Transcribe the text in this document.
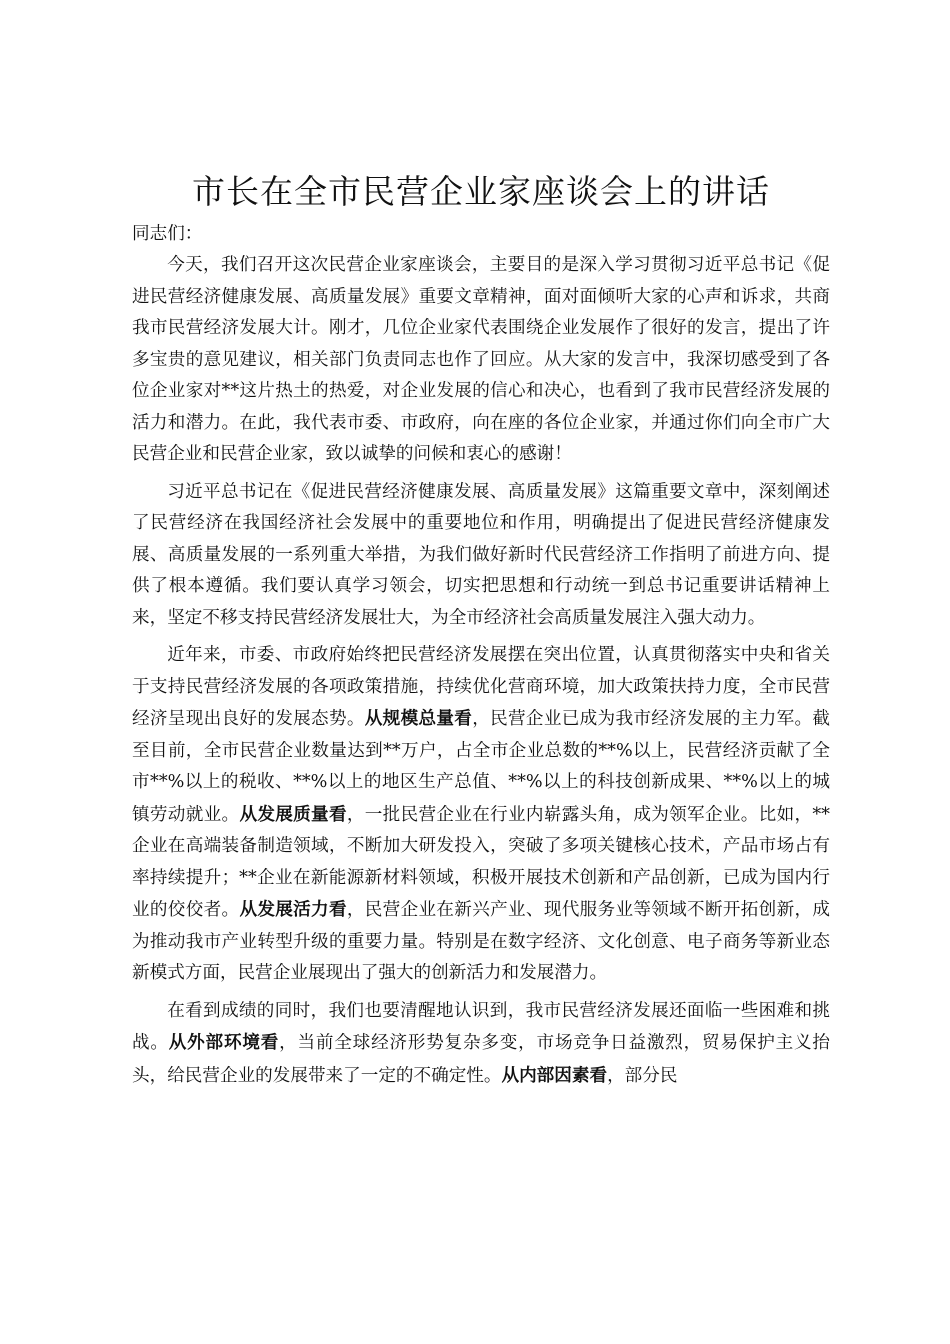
市长在全市民营企业家座谈会上的讲话

同志们：

今天，我们召开这次民营企业家座谈会，主要目的是深入学习贯彻习近平总书记《促进民营经济健康发展、高质量发展》重要文章精神，面对面倾听大家的心声和诉求，共商我市民营经济发展大计。刚才，几位企业家代表围绕企业发展作了很好的发言，提出了许多宝贵的意见建议，相关部门负责同志也作了回应。从大家的发言中，我深切感受到了各位企业家对**这片热土的热爱，对企业发展的信心和决心，也看到了我市民营经济发展的活力和潜力。在此，我代表市委、市政府，向在座的各位企业家，并通过你们向全市广大民营企业和民营企业家，致以诚挚的问候和衷心的感谢！

习近平总书记在《促进民营经济健康发展、高质量发展》这篇重要文章中，深刻阐述了民营经济在我国经济社会发展中的重要地位和作用，明确提出了促进民营经济健康发展、高质量发展的一系列重大举措，为我们做好新时代民营经济工作指明了前进方向、提供了根本遵循。我们要认真学习领会，切实把思想和行动统一到总书记重要讲话精神上来，坚定不移支持民营经济发展壮大，为全市经济社会高质量发展注入强大动力。

近年来，市委、市政府始终把民营经济发展摆在突出位置，认真贯彻落实中央和省关于支持民营经济发展的各项政策措施，持续优化营商环境，加大政策扶持力度，全市民营经济呈现出良好的发展态势。从规模总量看，民营企业已成为我市经济发展的主力军。截至目前，全市民营企业数量达到**万户，占全市企业总数的**%以上，民营经济贡献了全市**%以上的税收、**%以上的地区生产总值、**%以上的科技创新成果、**%以上的城镇劳动就业。从发展质量看，一批民营企业在行业内崭露头角，成为领军企业。比如，**企业在高端装备制造领域，不断加大研发投入，突破了多项关键核心技术，产品市场占有率持续提升；**企业在新能源新材料领域，积极开展技术创新和产品创新，已成为国内行业的佼佼者。从发展活力看，民营企业在新兴产业、现代服务业等领域不断开拓创新，成为推动我市产业转型升级的重要力量。特别是在数字经济、文化创意、电子商务等新业态新模式方面，民营企业展现出了强大的创新活力和发展潜力。

在看到成绩的同时，我们也要清醒地认识到，我市民营经济发展还面临一些困难和挑战。从外部环境看，当前全球经济形势复杂多变，市场竞争日益激烈，贸易保护主义抬头，给民营企业的发展带来了一定的不确定性。从内部因素看，部分民
